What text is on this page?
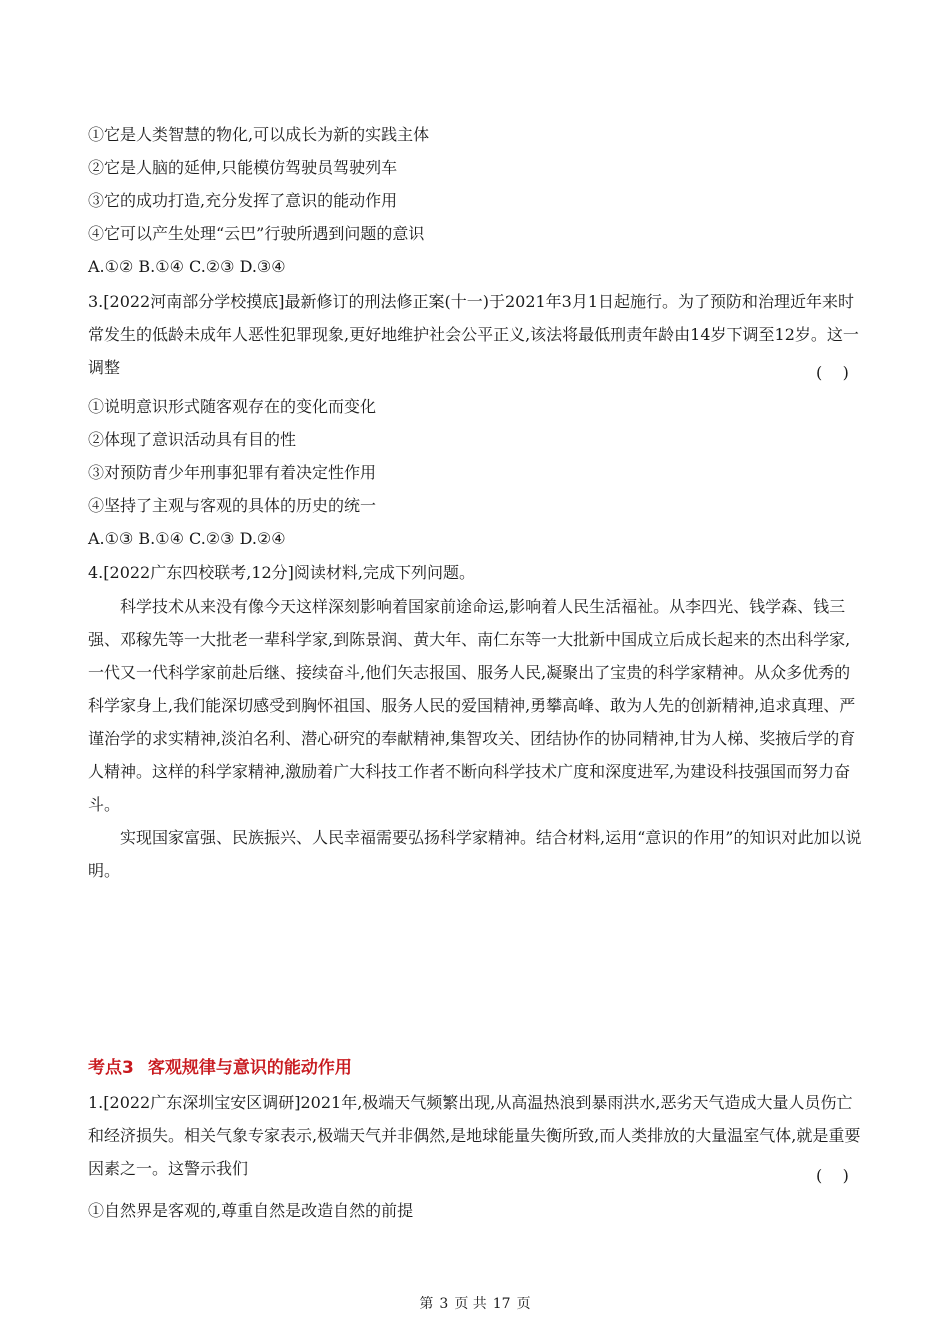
①它是人类智慧的物化,可以成长为新的实践主体
②它是人脑的延伸,只能模仿驾驶员驾驶列车
③它的成功打造,充分发挥了意识的能动作用
④它可以产生处理“云巴”行驶所遇到问题的意识
A.①② B.①④ C.②③ D.③④
3.[2022河南部分学校摸底]最新修订的刑法修正案(十一)于2021年3月1日起施行。为了预防和治理近年来时常发生的低龄未成年人恶性犯罪现象,更好地维护社会公平正义,该法将最低刑责年龄由14岁下调至12岁。这一调整	(    )
①说明意识形式随客观存在的变化而变化
②体现了意识活动具有目的性
③对预防青少年刑事犯罪有着决定性作用
④坚持了主观与客观的具体的历史的统一
A.①③ B.①④ C.②③ D.②④
4.[2022广东四校联考,12分]阅读材料,完成下列问题。
科学技术从来没有像今天这样深刻影响着国家前途命运,影响着人民生活福祉。从李四光、钱学森、钱三强、邓稼先等一大批老一辈科学家,到陈景润、黄大年、南仁东等一大批新中国成立后成长起来的杰出科学家,一代又一代科学家前赴后继、接续奋斗,他们矢志报国、服务人民,凝聚出了宝贵的科学家精神。从众多优秀的科学家身上,我们能深切感受到胸怀祖国、服务人民的爱国精神,勇攀高峰、敢为人先的创新精神,追求真理、严谨治学的求实精神,淡泊名利、潜心研究的奉献精神,集智攻关、团结协作的协同精神,甘为人梯、奖掖后学的育人精神。这样的科学家精神,激励着广大科技工作者不断向科学技术广度和深度进军,为建设科技强国而努力奋斗。
实现国家富强、民族振兴、人民幸福需要弘扬科学家精神。结合材料,运用“意识的作用”的知识对此加以说明。
考点3 客观规律与意识的能动作用
1.[2022广东深圳宝安区调研]2021年,极端天气频繁出现,从高温热浪到暴雨洪水,恶劣天气造成大量人员伤亡和经济损失。相关气象专家表示,极端天气并非偶然,是地球能量失衡所致,而人类排放的大量温室气体,就是重要因素之一。这警示我们	(    )
①自然界是客观的,尊重自然是改造自然的前提
第 3 页 共 17 页
